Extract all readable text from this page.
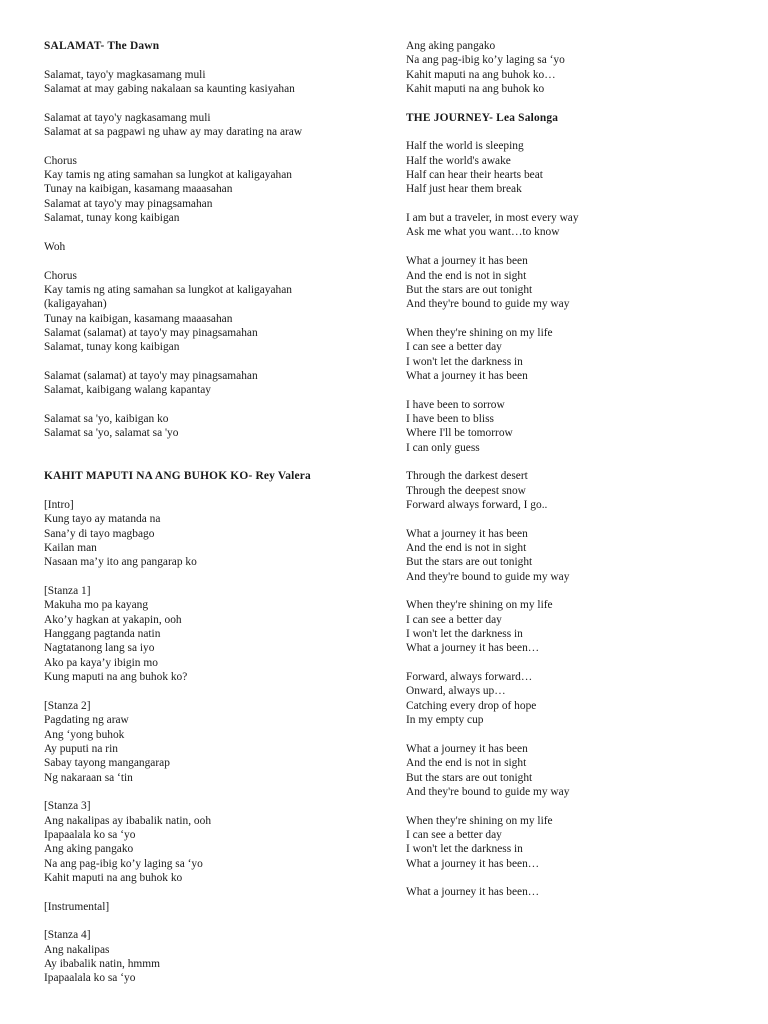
SALAMAT- The Dawn

Salamat, tayo'y magkasamang muli
Salamat at may gabing nakalaan sa kaunting kasiyahan
Salamat at tayo'y nagkasamang muli
Salamat at sa pagpawi ng uhaw ay may darating na araw
Chorus
Kay tamis ng ating samahan sa lungkot at kaligayahan
Tunay na kaibigan, kasamang maaasahan
Salamat at tayo'y may pinagsamahan
Salamat, tunay kong kaibigan
Woh
Chorus
Kay tamis ng ating samahan sa lungkot at kaligayahan
(kaligayahan)
Tunay na kaibigan, kasamang maaasahan
Salamat (salamat) at tayo'y may pinagsamahan
Salamat, tunay kong kaibigan
Salamat (salamat) at tayo'y may pinagsamahan
Salamat, kaibigang walang kapantay
Salamat sa 'yo, kaibigan ko
Salamat sa 'yo, salamat sa 'yo

KAHIT MAPUTI NA ANG BUHOK KO- Rey Valera

[Intro]
Kung tayo ay matanda na
Sana’y di tayo magbago
Kailan man
Nasaan ma’y ito ang pangarap ko
[Stanza 1]
Makuha mo pa kayang
Ako’y hagkan at yakapin, ooh
Hanggang pagtanda natin
Nagtatanong lang sa iyo
Ako pa kaya’y ibigin mo
Kung maputi na ang buhok ko?
[Stanza 2]
Pagdating ng araw
Ang ‘yong buhok
Ay puputi na rin
Sabay tayong mangangarap
Ng nakaraan sa ‘tin
[Stanza 3]
Ang nakalipas ay ibabalik natin, ooh
Ipapaalala ko sa ‘yo
Ang aking pangako
Na ang pag-ibig ko’y laging sa ‘yo
Kahit maputi na ang buhok ko
[Instrumental]
[Stanza 4]
Ang nakalipas
Ay ibabalik natin, hmmm
Ipapaalala ko sa ‘yo
Ang aking pangako
Na ang pag-ibig ko’y laging sa ‘yo
Kahit maputi na ang buhok ko…
Kahit maputi na ang buhok ko

THE JOURNEY- Lea Salonga

Half the world is sleeping
Half the world's awake
Half can hear their hearts beat
Half just hear them break
I am but a traveler, in most every way
Ask me what you want…to know
What a journey it has been
And the end is not in sight
But the stars are out tonight
And they're bound to guide my way
When they're shining on my life
I can see a better day
I won't let the darkness in
What a journey it has been
I have been to sorrow
I have been to bliss
Where I'll be tomorrow
I can only guess
Through the darkest desert
Through the deepest snow
Forward always forward, I go..
What a journey it has been
And the end is not in sight
But the stars are out tonight
And they're bound to guide my way
When they're shining on my life
I can see a better day
I won't let the darkness in
What a journey it has been…
Forward, always forward…
Onward, always up…
Catching every drop of hope
In my empty cup
What a journey it has been
And the end is not in sight
But the stars are out tonight
And they're bound to guide my way
When they're shining on my life
I can see a better day
I won't let the darkness in
What a journey it has been…
What a journey it has been…
